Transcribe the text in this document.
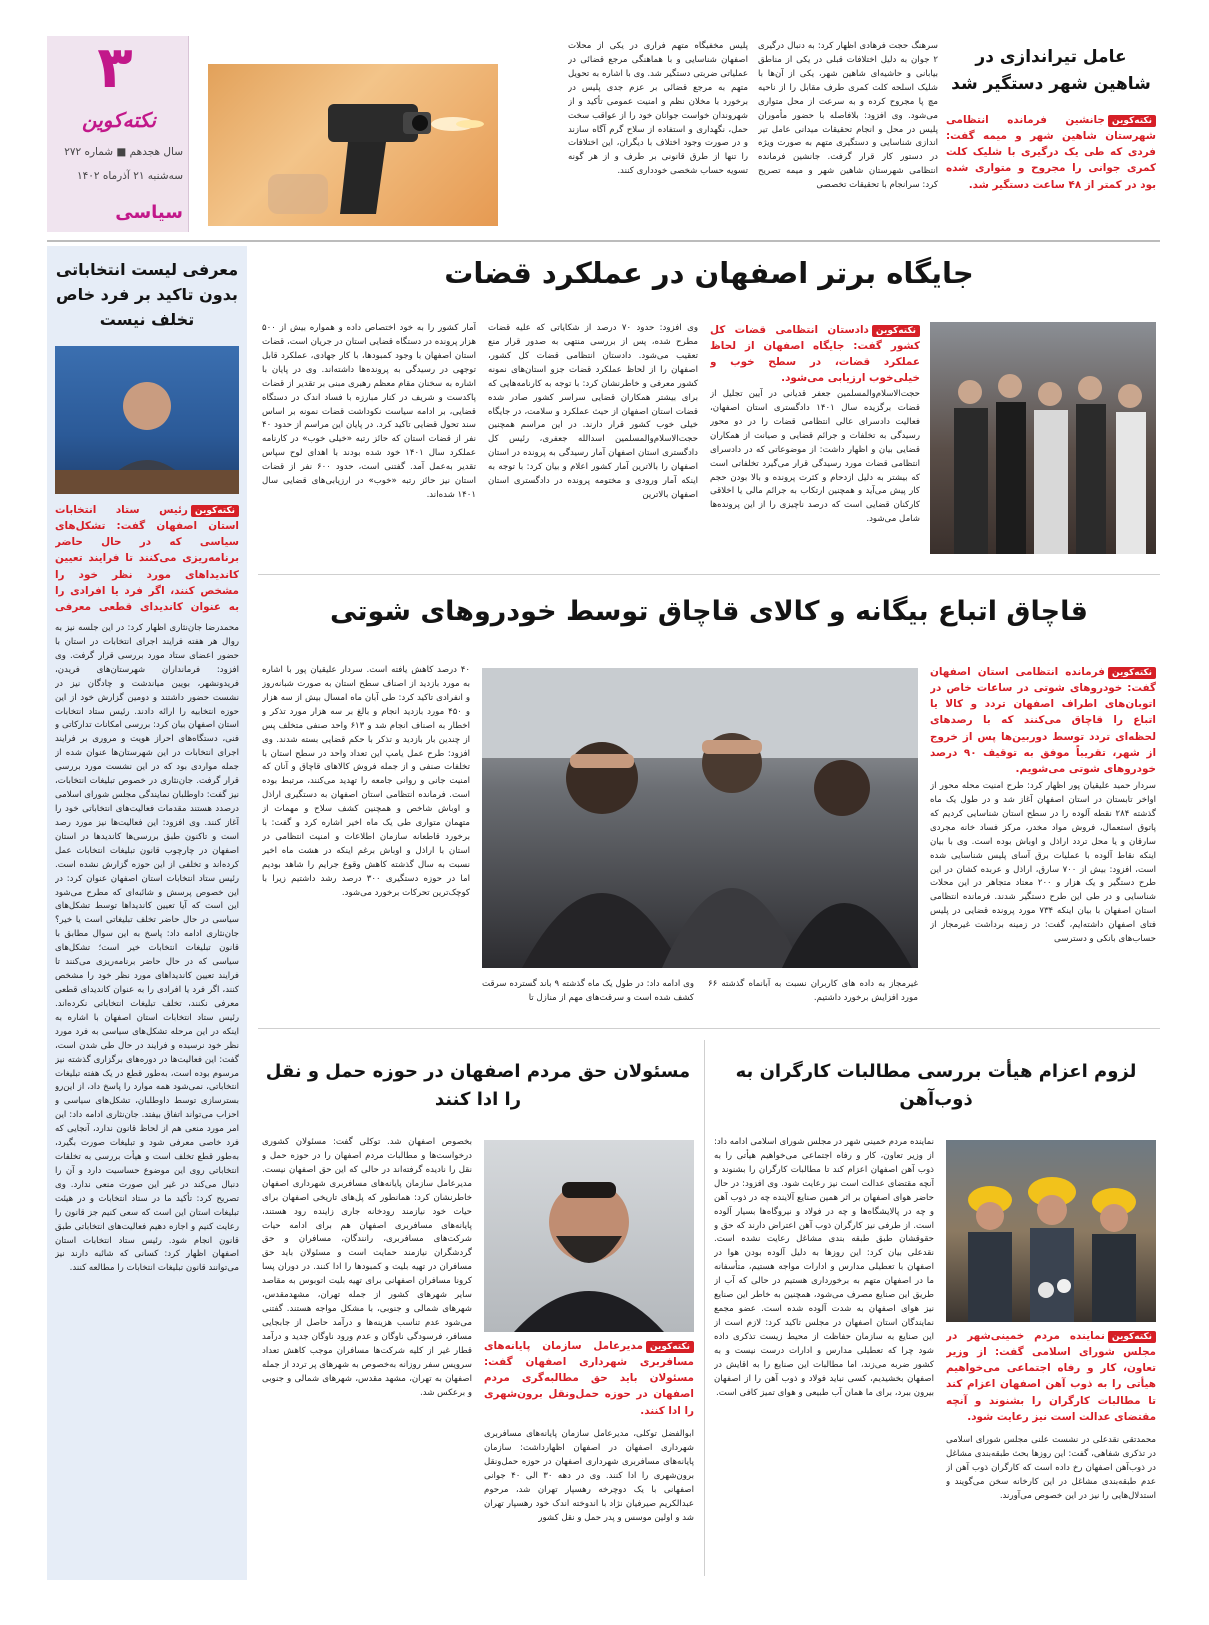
۳
نکته‌کوین
سال هجدهم ■ شماره ۲۷۲
سه‌شنبه ۲۱ آذرماه ۱۴۰۲
سیاسی
عامل تیراندازی در شاهین شهر دستگیر شد
نکته‌کوینجانشین فرمانده انتظامی شهرستان شاهین شهر و میمه گفت: فردی که طی یک درگیری با شلیک کلت کمری جوانی را مجروح و متواری شده بود در کمتر از ۴۸ ساعت دستگیر شد.
سرهنگ حجت فرهادی اظهار کرد: به دنبال درگیری ۲ جوان به دلیل اختلافات قبلی در یکی از مناطق بیابانی و حاشیه‌ای شاهین شهر، یکی از آن‌ها با شلیک اسلحه کلت کمری طرف مقابل را از ناحیه مچ پا مجروح کرده و به سرعت از محل متواری می‌شود. وی افزود: بلافاصله با حضور مأموران پلیس در محل و انجام تحقیقات میدانی عامل تیر اندازی شناسایی و دستگیری متهم به صورت ویژه در دستور کار قرار گرفت. جانشین فرمانده انتظامی شهرستان شاهین شهر و میمه تصریح کرد: سرانجام با تحقیقات تخصصی
پلیس مخفیگاه متهم فراری در یکی از محلات اصفهان شناسایی و با هماهنگی مرجع قضائی در عملیاتی ضربتی دستگیر شد. وی با اشاره به تحویل متهم به مرجع قضائی بر عزم جدی پلیس در برخورد با مخلان نظم و امنیت عمومی تأکید و از شهروندان خواست جوانان خود را از عواقب سخت حمل، نگهداری و استفاده از سلاح گرم آگاه سازند و در صورت وجود اختلاف با دیگران، این اختلافات را تنها از طرق قانونی بر طرف و از هر گونه تسویه حساب شخصی خودداری کنند.
معرفی لیست انتخاباتی بدون تاکید بر فرد خاص تخلف نیست
نکته‌کوینرئیس ستاد انتخابات استان اصفهان گفت: تشکل‌های سیاسی که در حال حاضر برنامه‌ریزی می‌کنند تا فرایند تعیین کاندیداهای مورد نظر خود را مشخص کنند، اگر فرد یا افرادی را به عنوان کاندیدای قطعی معرفی
محمدرضا جان‌نثاری اظهار کرد: در این جلسه نیز به روال هر هفته فرایند اجرای انتخابات در استان با حضور اعضای ستاد مورد بررسی قرار گرفت. وی افزود: فرمانداران شهرستان‌های فریدن، فریدونشهر، بویین میاندشت و چادگان نیز در نشست حضور داشتند و دومین گزارش خود از این حوزه انتخابیه را ارائه دادند. رئیس ستاد انتخابات استان اصفهان بیان کرد: بررسی امکانات تدارکاتی و فنی، دستگاه‌های احراز هویت و مروری بر فرایند اجرای انتخابات در این شهرستان‌ها عنوان شده از جمله مواردی بود که در این نشست مورد بررسی قرار گرفت. جان‌نثاری در خصوص تبلیغات انتخابات، نیز گفت: داوطلبان نمایندگی مجلس شورای اسلامی درصدد هستند مقدمات فعالیت‌های انتخاباتی خود را آغاز کنند. وی افزود: این فعالیت‌ها نیز مورد رصد است و تاکنون طبق بررسی‌ها کاندیدها در استان اصفهان در چارچوب قانون تبلیغات انتخابات عمل کرده‌اند و تخلفی از این حوزه گزارش نشده است. رئیس ستاد انتخابات استان اصفهان عنوان کرد: در این خصوص پرسش و شائبه‌ای که مطرح می‌شود این است که آیا تعیین کاندیداها توسط تشکل‌های سیاسی در حال حاضر تخلف تبلیغاتی است یا خیر؟ جان‌نثاری ادامه داد: پاسخ به این سوال مطابق با قانون تبلیغات انتخابات خیر است؛ تشکل‌های سیاسی که در حال حاضر برنامه‌ریزی می‌کنند تا فرایند تعیین کاندیداهای مورد نظر خود را مشخص کنند، اگر فرد یا افرادی را به عنوان کاندیدای قطعی معرفی نکنند، تخلف تبلیغات انتخاباتی نکرده‌اند. رئیس ستاد انتخابات استان اصفهان با اشاره به اینکه در این مرحله تشکل‌های سیاسی به فرد مورد نظر خود نرسیده و فرایند در حال طی شدن است، گفت: این فعالیت‌ها در دوره‌های برگزاری گذشته نیز مرسوم بوده است، به‌طور قطع در یک هفته تبلیغات انتخاباتی، نمی‌شود همه موارد را پاسخ داد، از این‌رو بسترسازی توسط داوطلبان، تشکل‌های سیاسی و احزاب می‌تواند اتفاق بیفتد. جان‌نثاری ادامه داد: این امر مورد منعی هم از لحاظ قانون ندارد، آنجایی که فرد خاصی معرفی شود و تبلیغات صورت بگیرد، به‌طور قطع تخلف است و هیأت بررسی به تخلفات انتخاباتی روی این موضوع حساسیت دارد و آن را دنبال می‌کند در غیر این صورت منعی ندارد. وی تصریح کرد: تأکید ما در ستاد انتخابات و در هیئت تبلیغات استان این است که سعی کنیم جز قانون را رعایت کنیم و اجازه دهیم فعالیت‌های انتخاباتی طبق قانون انجام شود. رئیس ستاد انتخابات استان اصفهان اظهار کرد: کسانی که شائبه دارند نیز می‌توانند قانون تبلیغات انتخابات را مطالعه کنند.
جایگاه برتر اصفهان در عملکرد قضات
نکته‌کویندادستان انتظامی قضات کل کشور گفت: جایگاه اصفهان از لحاظ عملکرد قضات، در سطح خوب و خیلی‌خوب ارزیابی می‌شود.
حجت‌الاسلام‌والمسلمین جعفر قدیانی در آیین تجلیل از قضات برگزیده سال ۱۴۰۱ دادگستری استان اصفهان، فعالیت دادسرای عالی انتظامی قضات را در دو محور رسیدگی به تخلفات و جرائم قضایی و صیانت از همکاران قضایی بیان و اظهار داشت: از موضوعاتی که در دادسرای انتظامی قضات مورد رسیدگی قرار می‌گیرد تخلفاتی است که بیشتر به دلیل ازدحام و کثرت پرونده و بالا بودن حجم کار پیش می‌آید و همچنین ارتکاب به جرائم مالی یا اخلاقی کارکنان قضایی است که درصد ناچیزی را از این پرونده‌ها شامل می‌شود.
وی افزود: حدود ۷۰ درصد از شکایاتی که علیه قضات مطرح شده، پس از بررسی منتهی به صدور قرار منع تعقیب می‌شود. دادستان انتظامی قضات کل کشور، اصفهان را از لحاظ عملکرد قضات جزو استان‌های نمونه کشور معرفی و خاطرنشان کرد: با توجه به کارنامه‌هایی که برای بیشتر همکاران قضایی سراسر کشور صادر شده قضات استان اصفهان از حیث عملکرد و سلامت، در جایگاه خیلی خوب کشور قرار دارند. در این مراسم همچنین حجت‌الاسلام‌والمسلمین اسدالله جعفری، رئیس کل دادگستری استان اصفهان آمار رسیدگی به پرونده در استان اصفهان را بالاترین آمار کشور اعلام و بیان کرد: با توجه به اینکه آمار ورودی و مختومه پرونده در دادگستری استان اصفهان بالاترین
آمار کشور را به خود اختصاص داده و همواره بیش از ۵۰۰ هزار پرونده در دستگاه قضایی استان در جریان است، قضات استان اصفهان با وجود کمبودها، با کار جهادی، عملکرد قابل توجهی در رسیدگی به پرونده‌ها داشته‌اند. وی در پایان با اشاره به سخنان مقام معظم رهبری مبنی بر تقدیر از قضات پاکدست و شریف در کنار مبارزه با فساد اندک در دستگاه قضایی، بر ادامه سیاست نکوداشت قضات نمونه بر اساس سند تحول قضایی تاکید کرد. در پایان این مراسم از حدود ۴۰ نفر از قضات استان که حائز رتبه «خیلی خوب» در کارنامه عملکرد سال ۱۴۰۱ خود شده بودند با اهدای لوح سپاس تقدیر به‌عمل آمد. گفتنی است، حدود ۶۰۰ نفر از قضات استان نیز حائز رتبه «خوب» در ارزیابی‌های قضایی سال ۱۴۰۱ شده‌اند.
قاچاق اتباع بیگانه و کالای قاچاق توسط خودروهای شوتی
نکته‌کوینفرمانده انتظامی استان اصفهان گفت: خودروهای شوتی در ساعات خاص در اتوبان‌های اطراف اصفهان تردد و کالا یا اتباع را قاچاق می‌کنند که با رصدهای لحظه‌ای تردد توسط دوربین‌ها پس از خروج از شهر، تقریباً موفق به توقیف ۹۰ درصد خودروهای شوتی می‌شویم.
سردار حمید علیقیان پور اظهار کرد: طرح امنیت محله محور از اواخر تابستان در استان اصفهان آغاز شد و در طول یک ماه گذشته ۲۸۴ نقطه آلوده را در سطح استان شناسایی کردیم که پاتوق استعمال، فروش مواد مخدر، مرکز فساد خانه مجردی سارقان و یا محل تردد اراذل و اوباش بوده است. وی با بیان اینکه نقاط آلوده با عملیات برق آسای پلیس شناسایی شده است، افزود: بیش از ۷۰۰ سارق، اراذل و عربده کشان در این طرح دستگیر و یک هزار و ۲۰۰ معتاد متجاهر در این محلات شناسایی و در طی این طرح دستگیر شدند. فرمانده انتظامی استان اصفهان با بیان اینکه ۷۳۴ مورد پرونده قضایی در پلیس فتای اصفهان داشته‌ایم، گفت: در زمینه برداشت غیرمجاز از حساب‌های بانکی و دسترسی
غیرمجاز به داده های کاربران نسبت به آبانماه گذشته ۶۶ مورد افزایش برخورد داشتیم.
وی ادامه داد: در طول یک ماه گذشته ۹ باند گسترده سرقت کشف شده است و سرقت‌های مهم از منازل تا
۴۰ درصد کاهش یافته است. سردار علیقیان پور با اشاره به مورد بازدید از اصناف سطح استان به صورت شبانه‌روز و انفرادی تاکید کرد: طی آبان ماه امسال بیش از سه هزار و ۴۵۰ مورد بازدید انجام و بالغ بر سه هزار مورد تذکر و اخطار به اصناف انجام شد و ۶۱۳ واحد صنفی متخلف پس از چندین بار بازدید و تذکر با حکم قضایی بسته شدند. وی افزود: طرح عمل یامپ این تعداد واحد در سطح استان با تخلفات صنفی و از جمله فروش کالاهای قاچاق و آنان که امنیت جانی و روانی جامعه را تهدید می‌کنند، مرتبط بوده است. فرمانده انتظامی استان اصفهان به دستگیری اراذل و اوباش شاخص و همچنین کشف سلاح و مهمات از متهمان متواری طی یک ماه اخیر اشاره کرد و گفت: با برخورد قاطعانه سازمان اطلاعات و امنیت انتظامی در استان با اراذل و اوباش برغم اینکه در هشت ماه اخیر نسبت به سال گذشته کاهش وقوع جرایم را شاهد بودیم اما در حوزه دستگیری ۳۰۰ درصد رشد داشتیم زیرا با کوچک‌ترین تحرکات برخورد می‌شود.
لزوم اعزام هیأت بررسی مطالبات کارگران به ذوب‌آهن
نکته‌کویننماینده مردم خمینی‌شهر در مجلس شورای اسلامی گفت: از وزیر تعاون، کار و رفاه اجتماعی می‌خواهیم هیأتی را به ذوب آهن اصفهان اعزام کند تا مطالبات کارگران را بشنوند و آنچه مقتضای عدالت است نیز رعایت شود.
محمدتقی نقدعلی در نشست علنی مجلس شورای اسلامی در تذکری شفاهی، گفت: این روزها بحث طبقه‌بندی مشاغل در ذوب‌آهن اصفهان رخ داده است که کارگران ذوب آهن از عدم طبقه‌بندی مشاغل در این کارخانه سخن می‌گویند و استدلال‌هایی را نیز در این خصوص می‌آورند.
نماینده مردم خمینی شهر در مجلس شورای اسلامی ادامه داد: از وزیر تعاون، کار و رفاه اجتماعی می‌خواهیم هیأتی را به ذوب آهن اصفهان اعزام کند تا مطالبات کارگران را بشنوند و آنچه مقتضای عدالت است نیز رعایت شود. وی افزود: در حال حاضر هوای اصفهان بر اثر همین صنایع آلاینده چه در ذوب آهن و چه در پالایشگاه‌ها و چه در فولاد و نیروگاه‌ها بسیار آلوده است. از طرفی نیز کارگران ذوب آهن اعتراض دارند که حق و حقوقشان طبق طبقه بندی مشاغل رعایت نشده است. نقدعلی بیان کرد: این روزها به دلیل آلوده بودن هوا در اصفهان با تعطیلی مدارس و ادارات مواجه هستیم، متأسفانه ما در اصفهان متهم به برخورداری هستیم در حالی که آب از طریق این صنایع مصرف می‌شود، همچنین به خاطر این صنایع نیز هوای اصفهان به شدت آلوده شده است. عضو مجمع نمایندگان استان اصفهان در مجلس تاکید کرد: لازم است از این صنایع به سازمان حفاظت از محیط زیست تذکری داده شود چرا که تعطیلی مدارس و ادارات درست نیست و به کشور ضربه می‌زند، اما مطالبات این صنایع را به اقایش در اصفهان بخشیدیم، کسی نباید فولاد و ذوب آهن را از اصفهان بیرون ببرد، برای ما همان آب طبیعی و هوای تمیز کافی است.
مسئولان حق مردم اصفهان در حوزه حمل و نقل را ادا کنند
نکته‌کوینمدیرعامل سازمان پایانه‌های مسافربری شهرداری اصفهان گفت: مسئولان باید حق مطالبه‌گری مردم اصفهان در حوزه حمل‌ونقل برون‌شهری را ادا کنند.
ابوالفضل توکلی، مدیرعامل سازمان پایانه‌های مسافربری شهرداری اصفهان در اصفهان اظهارداشت: سازمان پایانه‌های مسافربری شهرداری اصفهان در حوزه حمل‌ونقل برون‌شهری را ادا کنند. وی در دهه ۳۰ الی ۴۰ جوانی اصفهانی با یک دوچرخه رهسپار تهران شد، مرحوم عبدالکریم صیرفیان نژاد با اندوخته اندک خود رهسپار تهران شد و اولین موسس و پدر حمل و نقل کشور
بخصوص اصفهان شد. توکلی گفت: مسئولان کشوری درخواست‌ها و مطالبات مردم اصفهان را در حوزه حمل و نقل را نادیده گرفته‌اند در حالی که این حق اصفهان نیست. مدیرعامل سازمان پایانه‌های مسافربری شهرداری اصفهان خاطرنشان کرد: همانطور که پل‌های تاریخی اصفهان برای حیات خود نیازمند رودخانه جاری زاینده رود هستند، پایانه‌های مسافربری اصفهان هم برای ادامه حیات شرکت‌های مسافربری، رانندگان، مسافران و حق گردشگران نیازمند حمایت است و مسئولان باید حق مسافران در تهیه بلیت و کمبودها را ادا کنند. در دوران پسا کرونا مسافران اصفهانی برای تهیه بلیت اتوبوس به مقاصد سایر شهرهای کشور از جمله تهران، مشهدمقدس، شهرهای شمالی و جنوبی، با مشکل مواجه هستند. گفتنی می‌شود عدم تناسب هزینه‌ها و درآمد حاصل از جابجایی مسافر، فرسودگی ناوگان و عدم ورود ناوگان جدید و درآمد قطار غیر از کلیه شرکت‌ها مسافران موجب کاهش تعداد سرویس سفر روزانه به‌خصوص به شهرهای پر تردد از جمله اصفهان به تهران، مشهد مقدس، شهرهای شمالی و جنوبی و برعکس شد.
